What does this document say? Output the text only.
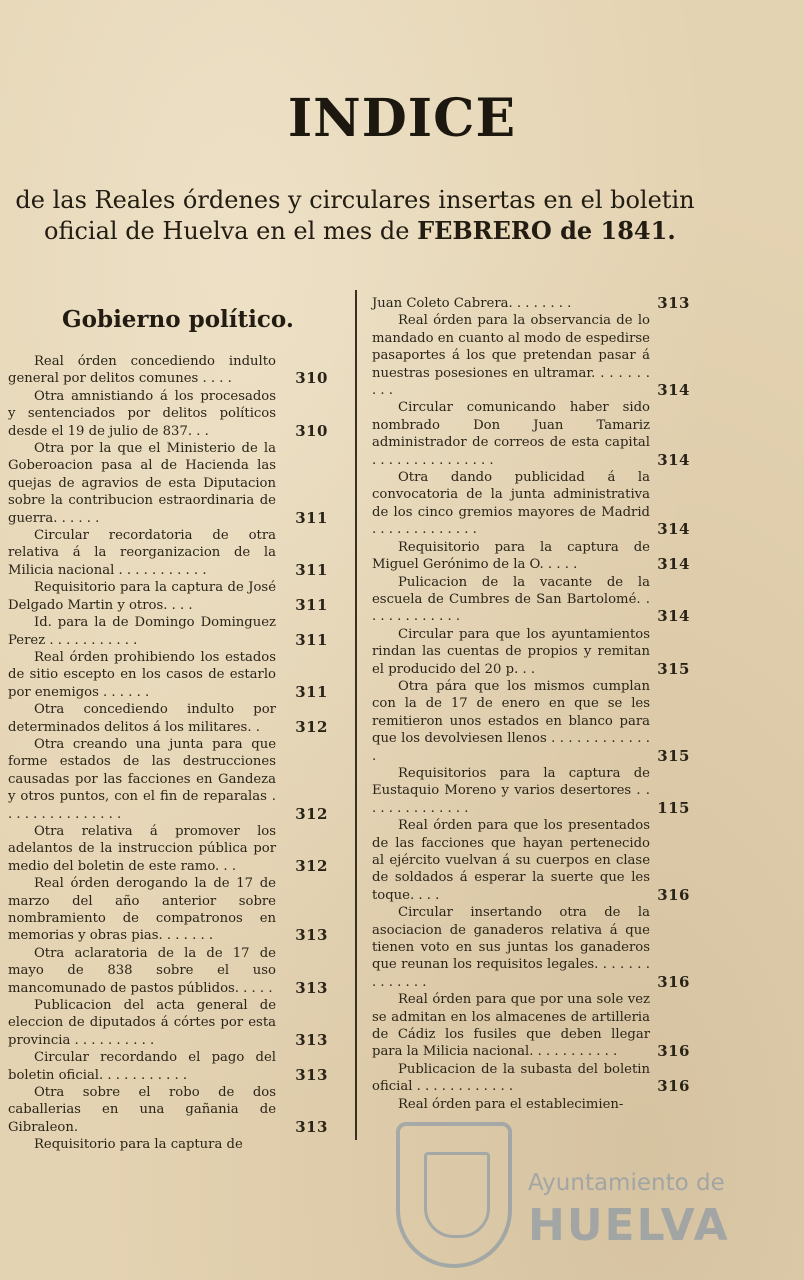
INDICE
de las Reales órdenes y circulares insertas en el boletin
oficial de Huelva en el mes de FEBRERO de 1841.
Gobierno político.
Real órden concediendo indulto general por delitos comunes . . . .	310
Otra amnistiando á los procesados y sentenciados por delitos políticos desde el 19 de julio de 837. . .	310
Otra por la que el Ministerio de la Goberoacion pasa al de Hacienda las quejas de agravios de esta Diputacion sobre la contribucion estraordinaria de guerra. . . . . .	311
Circular recordatoria de otra relativa á la reorganizacion de la Milicia nacional . . . . . . . . . . .	311
Requisitorio para la captura de José Delgado Martin y otros. . . .	311
Id. para la de Domingo Dominguez Perez . . . . . . . . . . .	311
Real órden prohibiendo los estados de sitio escepto en los casos de estarlo por enemigos . . . . . .	311
Otra concediendo indulto por determinados delitos á los militares. .	312
Otra creando una junta para que forme estados de las destrucciones causadas por las facciones en Gandeza y otros puntos, con el fin de reparalas . . . . . . . . . . . . . . .	312
Otra relativa á promover los adelantos de la instruccion pública por medio del boletin de este ramo. . .	312
Real órden derogando la de 17 de marzo del año anterior sobre nombramiento de compatronos en memorias y obras pias. . . . . . .	313
Otra aclaratoria de la de 17 de mayo de 838 sobre el uso mancomunado de pastos públidos. . . . . 313
Publicacion del acta general de eleccion de diputados á córtes por esta provincia . . . . . . . . . .	313
Circular recordando el pago del boletin oficial. . . . . . . . . . .	313
Otra sobre el robo de dos caballerias en una gañania de Gibraleon.	313
Requisitorio para la captura de
Juan Coleto Cabrera. . . . . . . .	313
Real órden para la observancia de lo mandado en cuanto al modo de espedirse pasaportes á los que pretendan pasar á nuestras posesiones en ultramar. . . . . . . . . .	314
Circular comunicando haber sido nombrado Don Juan Tamariz administrador de correos de esta capital . . . . . . . . . . . . . . .	314
Otra dando publicidad á la convocatoria de la junta administrativa de los cinco gremios mayores de Madrid . . . . . . . . . . . . .	314
Requisitorio para la captura de Miguel Gerónimo de la O. . . . .	314
Pulicacion de la vacante de la escuela de Cumbres de San Bartolomé. . . . . . . . . . . . .	314
Circular para que los ayuntamientos rindan las cuentas de propios y remitan el producido del 20 p. . .	315
Otra pára que los mismos cumplan con la de 17 de enero en que se les remitieron unos estados en blanco para que los devolviesen llenos . . . . . . . . . . . . .	315
Requisitorios para la captura de Eustaquio Moreno y varios desertores . . . . . . . . . . . . . .	115
Real órden para que los presentados de las facciones que hayan pertenecido al ejército vuelvan á su cuerpos en clase de soldados á esperar la suerte que les toque. . . .	316
Circular insertando otra de la asociacion de ganaderos relativa á que tienen voto en sus juntas los ganaderos que reunan los requisitos legales. . . . . . . . . . . . . .	316
Real órden para que por una sole vez se admitan en los almacenes de artilleria de Cádiz los fusiles que deben llegar para la Milicia nacional. . . . . . . . . . .	316
Publicacion de la subasta del boletin oficial . . . . . . . . . . . .	316
Real órden para el establecimien-
Ayuntamiento de
HUELVA
